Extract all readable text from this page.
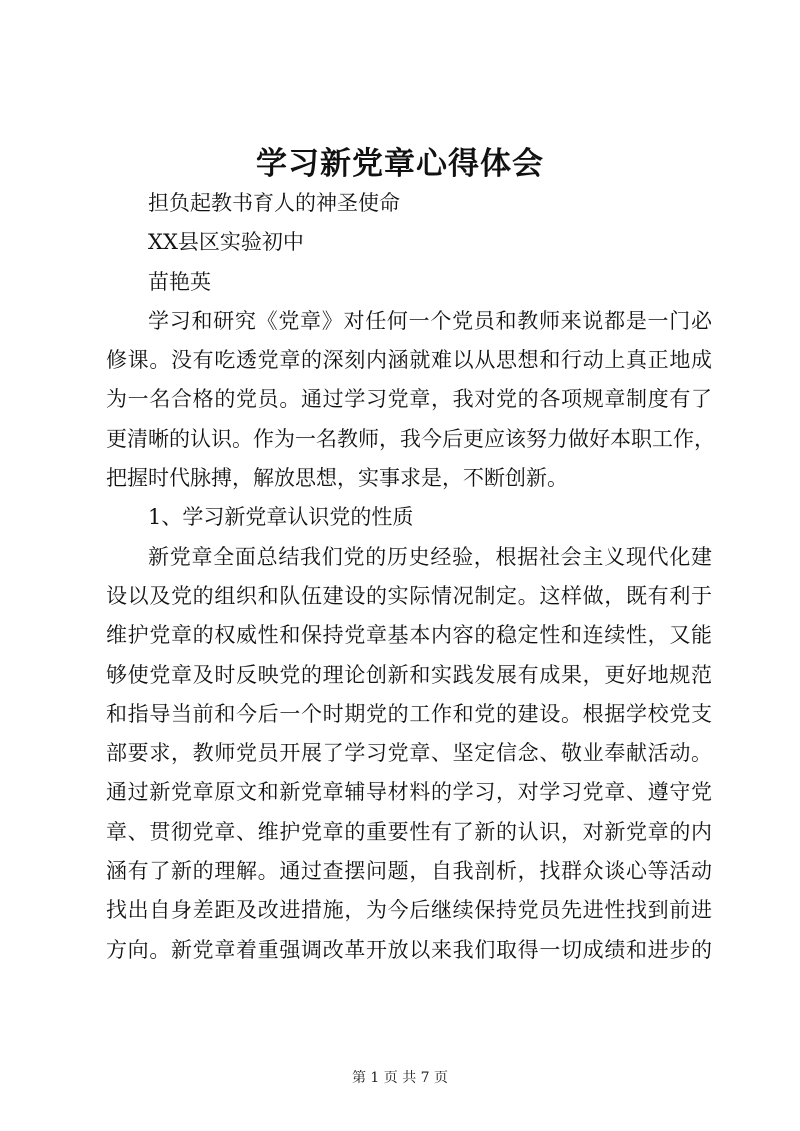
学习新党章心得体会
担负起教书育人的神圣使命
XX县区实验初中
苗艳英
学习和研究《党章》对任何一个党员和教师来说都是一门必
修课。没有吃透党章的深刻内涵就难以从思想和行动上真正地成
为一名合格的党员。通过学习党章，我对党的各项规章制度有了
更清晰的认识。作为一名教师，我今后更应该努力做好本职工作，
把握时代脉搏，解放思想，实事求是，不断创新。
1、学习新党章认识党的性质
新党章全面总结我们党的历史经验，根据社会主义现代化建
设以及党的组织和队伍建设的实际情况制定。这样做，既有利于
维护党章的权威性和保持党章基本内容的稳定性和连续性，又能
够使党章及时反映党的理论创新和实践发展有成果，更好地规范
和指导当前和今后一个时期党的工作和党的建设。根据学校党支
部要求，教师党员开展了学习党章、坚定信念、敬业奉献活动。
通过新党章原文和新党章辅导材料的学习，对学习党章、遵守党
章、贯彻党章、维护党章的重要性有了新的认识，对新党章的内
涵有了新的理解。通过查摆问题，自我剖析，找群众谈心等活动
找出自身差距及改进措施，为今后继续保持党员先进性找到前进
方向。新党章着重强调改革开放以来我们取得一切成绩和进步的
第 1 页 共 7 页
